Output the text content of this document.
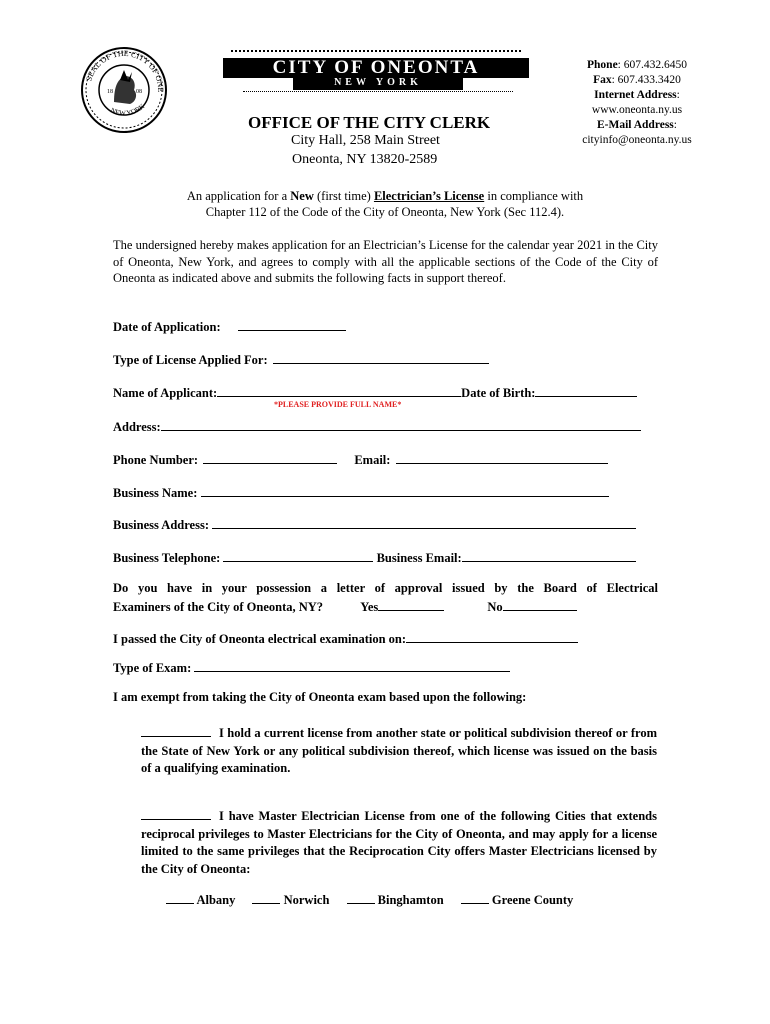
18	08
SEAL OF THE CITY OF ONE
NEW YORK
CITY OF ONEONTA
NEW YORK
OFFICE OF THE CITY CLERK
City Hall, 258 Main Street
Oneonta, NY 13820-2589
Phone: 607.432.6450
Fax: 607.433.3420
Internet Address:
www.oneonta.ny.us
E-Mail Address:
cityinfo@oneonta.ny.us
An application for a New (first time) Electrician’s License in compliance with
Chapter 112 of the Code of the City of Oneonta, New York (Sec 112.4).
The undersigned hereby makes application for an Electrician’s License for the calendar year 2021 in the City of Oneonta, New York, and agrees to comply with all the applicable sections of the Code of the City of Oneonta as indicated above and submits the following facts in support thereof.
Date of Application:
Type of License Applied For:
Name of Applicant:	Date of Birth:
*PLEASE PROVIDE FULL NAME*
Address:
Phone Number:	Email:
Business Name:
Business Address:
Business Telephone:	Business Email:
Do you have in your possession a letter of approval issued by the Board of Electrical
Examiners of the City of Oneonta, NY?	Yes	No
I passed the City of Oneonta electrical examination on:
Type of Exam:
I am exempt from taking the City of Oneonta exam based upon the following:
I hold a current license from another state or political subdivision thereof or from the State of New York or any political subdivision thereof, which license was issued on the basis of a qualifying examination.
I have Master Electrician License from one of the following Cities that extends reciprocal privileges to Master Electricians for the City of Oneonta, and may apply for a license limited to the same privileges that the Reciprocation City offers Master Electricians licensed by the City of Oneonta:
Albany	Norwich	Binghamton	Greene County
